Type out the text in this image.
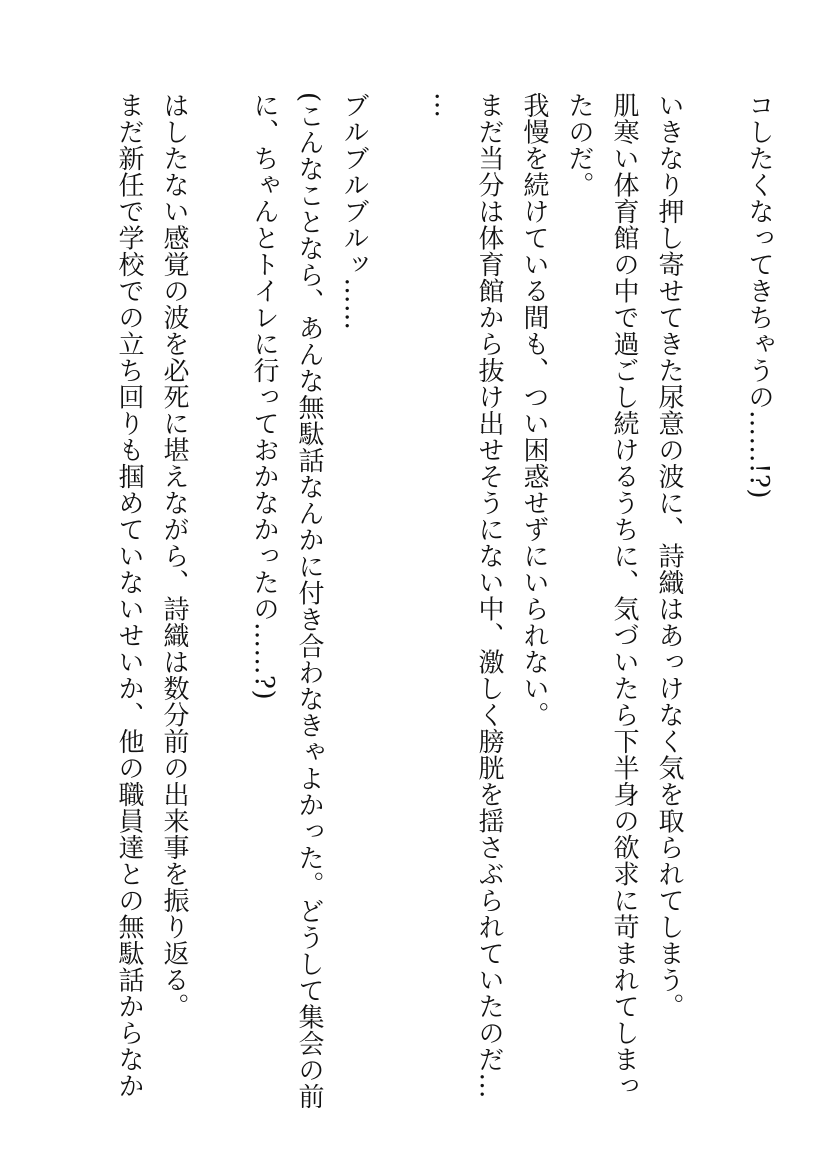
コしたくなってきちゃうの……!?)

いきなり押し寄せてきた尿意の波に、詩織はあっけなく気を取られてしまう。

肌寒い体育館の中で過ごし続けるうちに、気づいたら下半身の欲求に苛まれてしまっ

たのだ。

我慢を続けている間も、つい困惑せずにいられない。

まだ当分は体育館から抜け出せそうにない中、激しく膀胱を揺さぶられていたのだ…

…

ブルブルブルッ……

(こんなことなら、あんな無駄話なんかに付き合わなきゃよかった。どうして集会の前

に、ちゃんとトイレに行っておかなかったの……?)

はしたない感覚の波を必死に堪えながら、詩織は数分前の出来事を振り返る。

まだ新任で学校での立ち回りも掴めていないせいか、他の職員達との無駄話からなか
